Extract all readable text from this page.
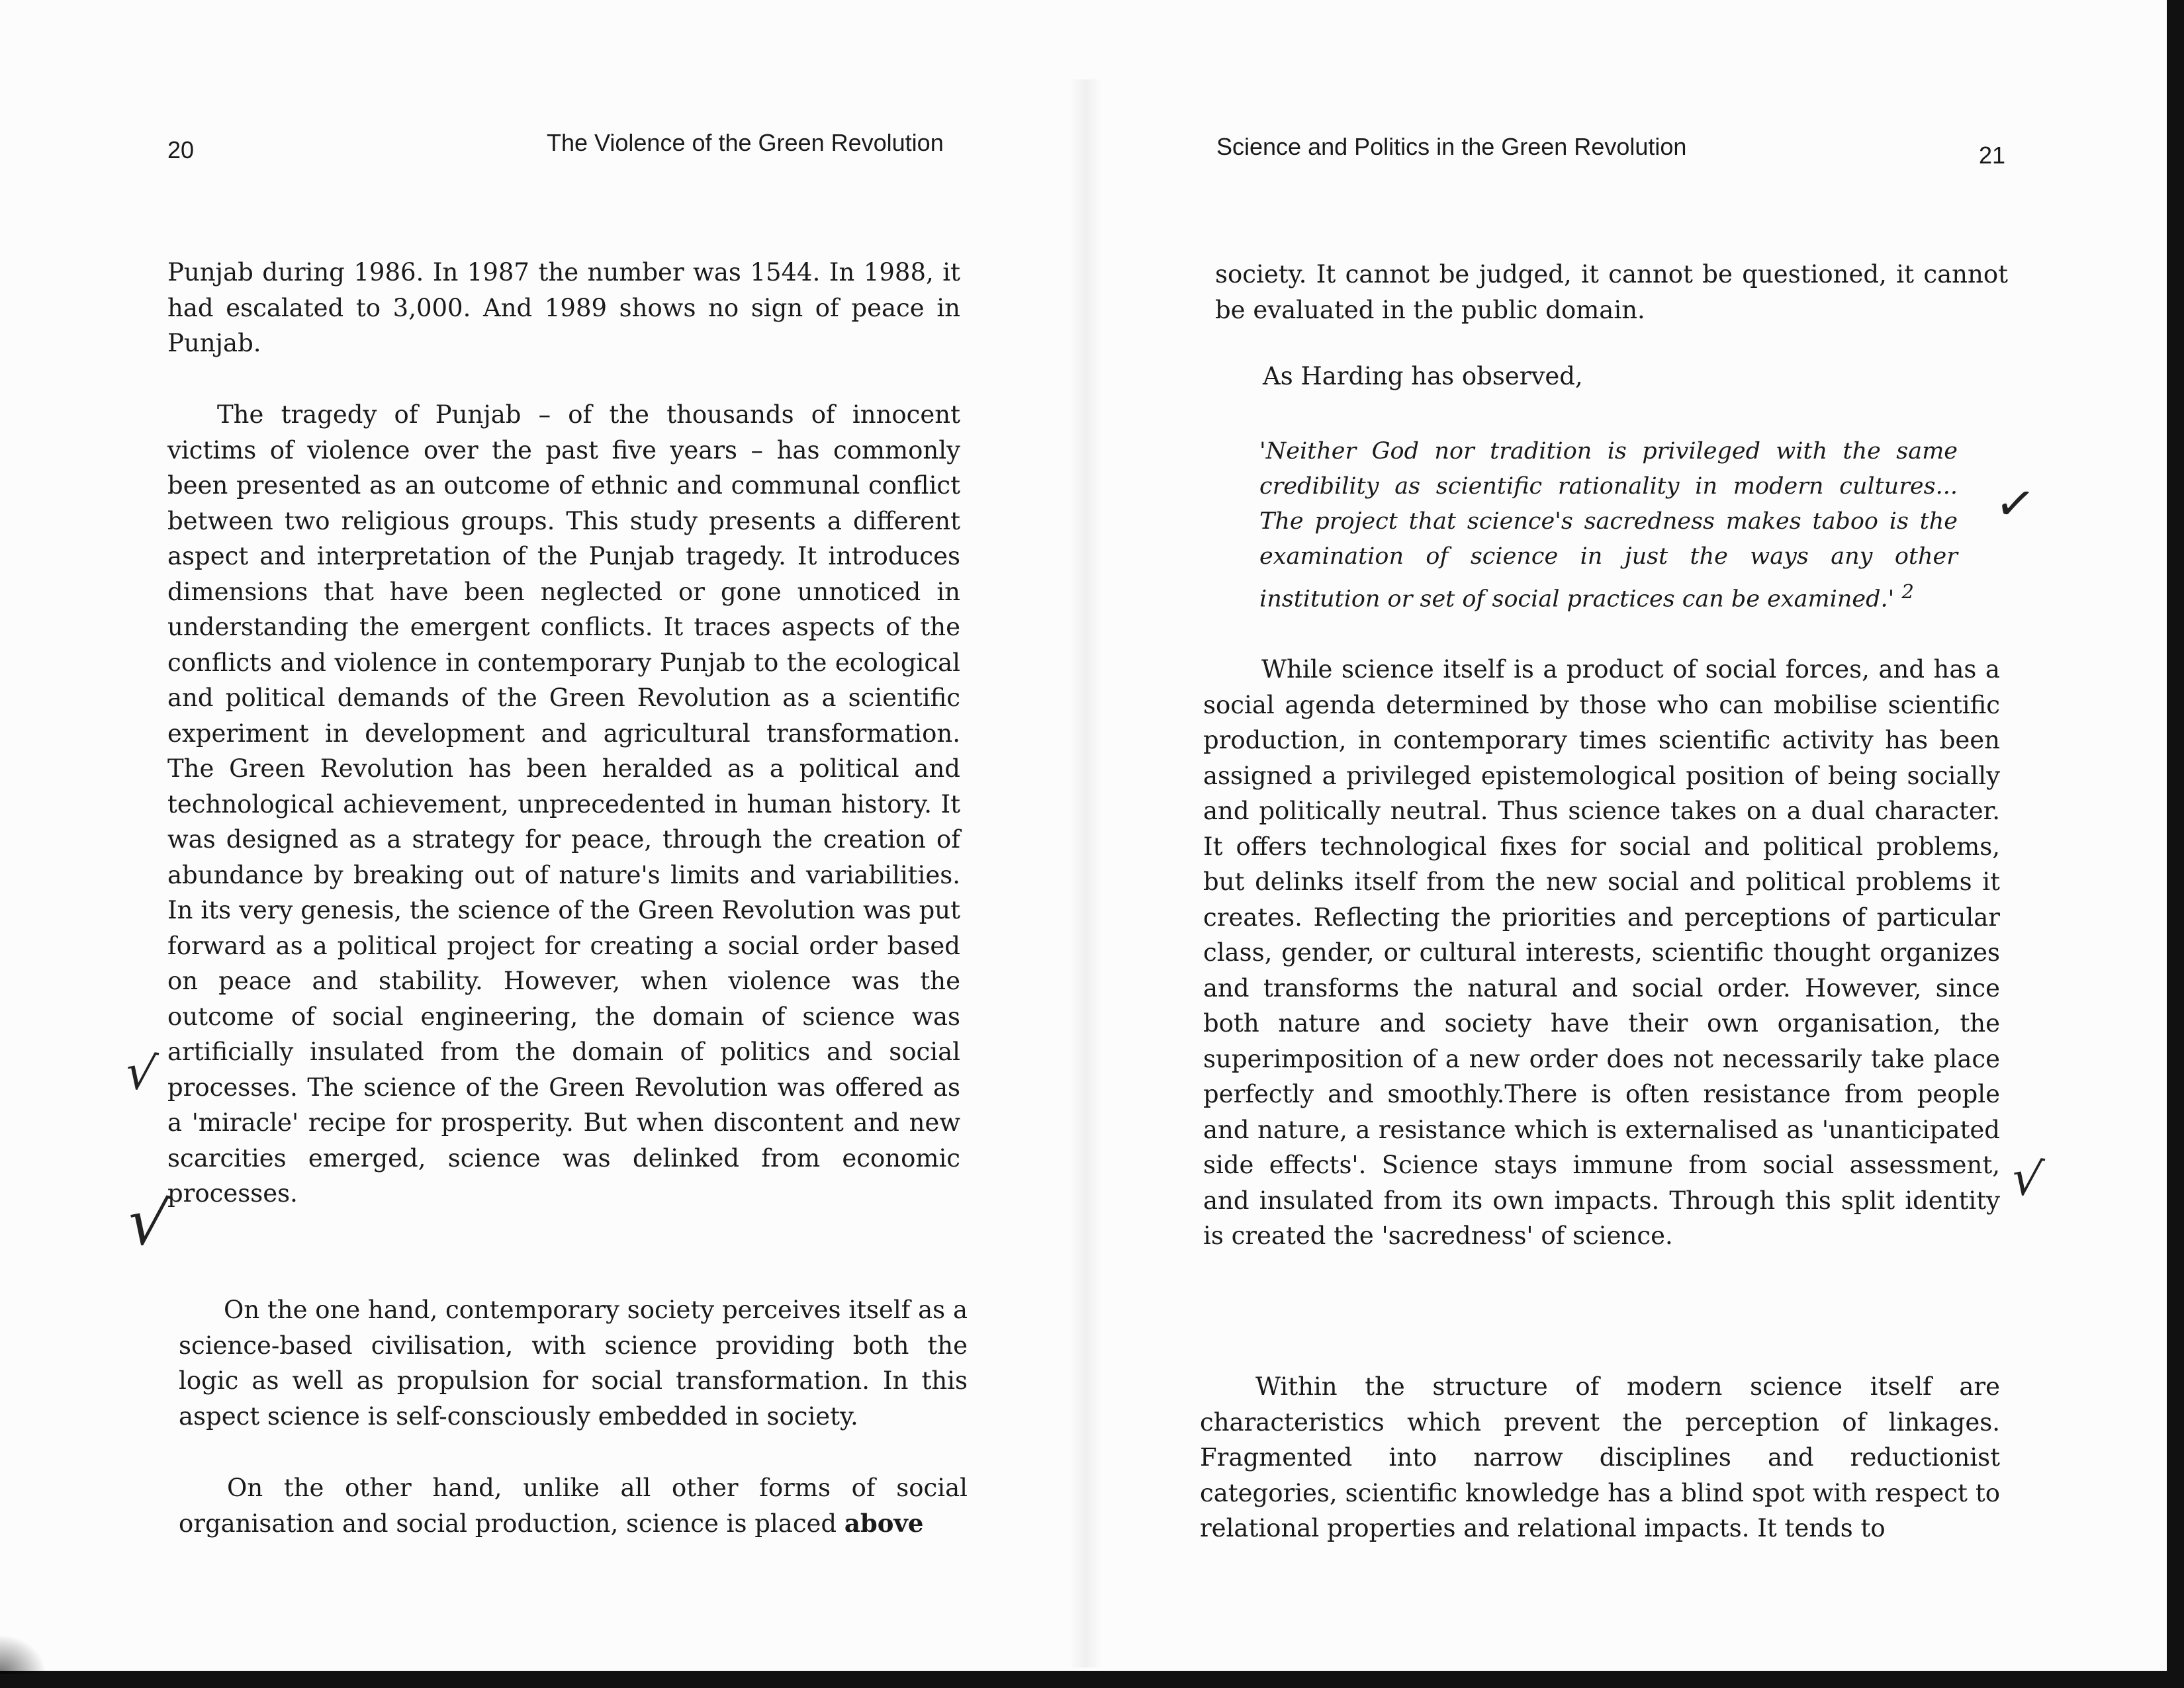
20	The Violence of the Green Revolution

Punjab during 1986. In 1987 the number was 1544. In 1988, it had escalated to 3,000. And 1989 shows no sign of peace in Punjab.

The tragedy of Punjab – of the thousands of innocent victims of violence over the past five years – has commonly been presented as an outcome of ethnic and communal conflict between two religious groups. This study presents a different aspect and interpretation of the Punjab tragedy. It introduces dimensions that have been neglected or gone unnoticed in understanding the emergent conflicts. It traces aspects of the conflicts and violence in contemporary Punjab to the ecological and political demands of the Green Revolution as a scientific experiment in development and agricultural transformation. The Green Revolution has been heralded as a political and technological achievement, unprecedented in human history. It was designed as a strategy for peace, through the creation of abundance by breaking out of nature's limits and variabilities. In its very genesis, the science of the Green Revolution was put forward as a political project for creating a social order based on peace and stability. However, when violence was the outcome of social engineering, the domain of science was artificially insulated from the domain of politics and social processes. The science of the Green Revolution was offered as a 'miracle' recipe for prosperity. But when discontent and new scarcities emerged, science was delinked from economic processes.

On the one hand, contemporary society perceives itself as a science-based civilisation, with science providing both the logic as well as propulsion for social transformation. In this aspect science is self-consciously embedded in society.

On the other hand, unlike all other forms of social organisation and social production, science is placed above

√
√
Science and Politics in the Green Revolution	21

society. It cannot be judged, it cannot be questioned, it cannot be evaluated in the public domain.

As Harding has observed,

'Neither God nor tradition is privileged with the same credibility as scientific rationality in modern cultures... The project that science's sacredness makes taboo is the examination of science in just the ways any other institution or set of social practices can be examined.' $^2$

While science itself is a product of social forces, and has a social agenda determined by those who can mobilise scientific production, in contemporary times scientific activity has been assigned a privileged epistemological position of being socially and politically neutral. Thus science takes on a dual character. It offers technological fixes for social and political problems, but delinks itself from the new social and political problems it creates. Reflecting the priorities and perceptions of particular class, gender, or cultural interests, scientific thought organizes and transforms the natural and social order. However, since both nature and society have their own organisation, the superimposition of a new order does not necessarily take place perfectly and smoothly.There is often resistance from people and nature, a resistance which is externalised as 'unanticipated side effects'. Science stays immune from social assessment, and insulated from its own impacts. Through this split identity is created the 'sacredness' of science.

Within the structure of modern science itself are characteristics which prevent the perception of linkages. Fragmented into narrow disciplines and reductionist categories, scientific knowledge has a blind spot with respect to relational properties and relational impacts. It tends to

✓
√
